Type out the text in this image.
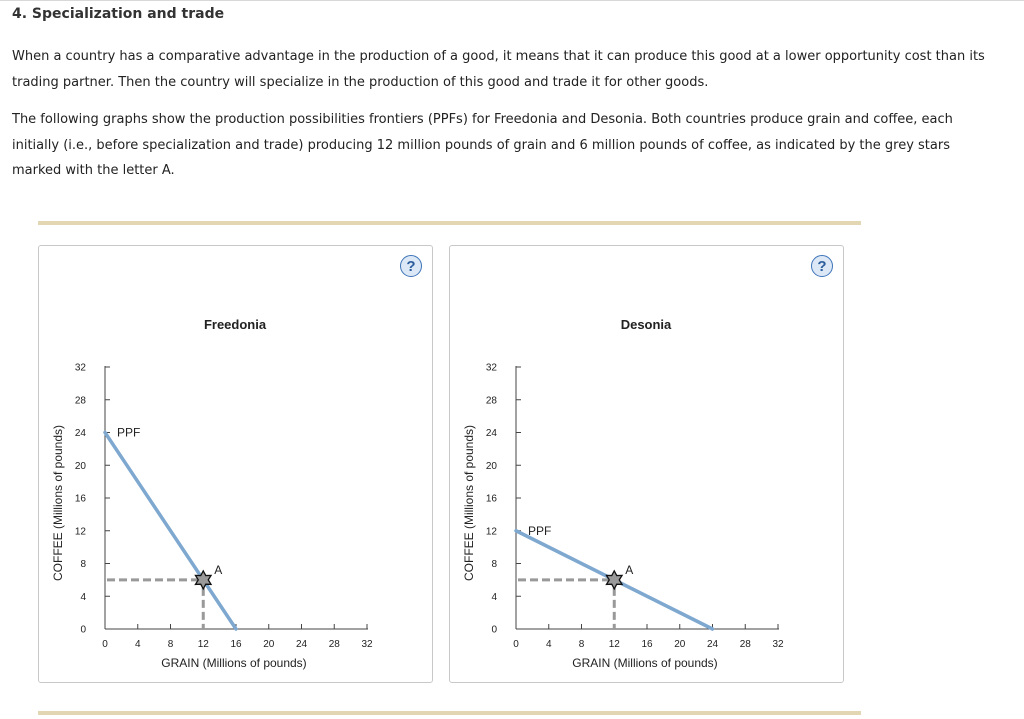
4. Specialization and trade
When a country has a comparative advantage in the production of a good, it means that it can produce this good at a lower opportunity cost than its trading partner. Then the country will specialize in the production of this good and trade it for other goods.
The following graphs show the production possibilities frontiers (PPFs) for Freedonia and Desonia. Both countries produce grain and coffee, each initially (i.e., before specialization and trade) producing 12 million pounds of grain and 6 million pounds of coffee, as indicated by the grey stars marked with the letter A.
Freedonia
0
4
8
12
16
20
24
28
32
0	4	8 12 16 20 24 28 32
GRAIN (Millions of pounds)
COFFEE (Millions of pounds)	PPF
A
?
Desonia
0
4
8
12
16
20
24
28
32
0	4	8 12 16 20 24 28 32
GRAIN (Millions of pounds)
COFFEE (Millions of pounds)	PPF
A
?
